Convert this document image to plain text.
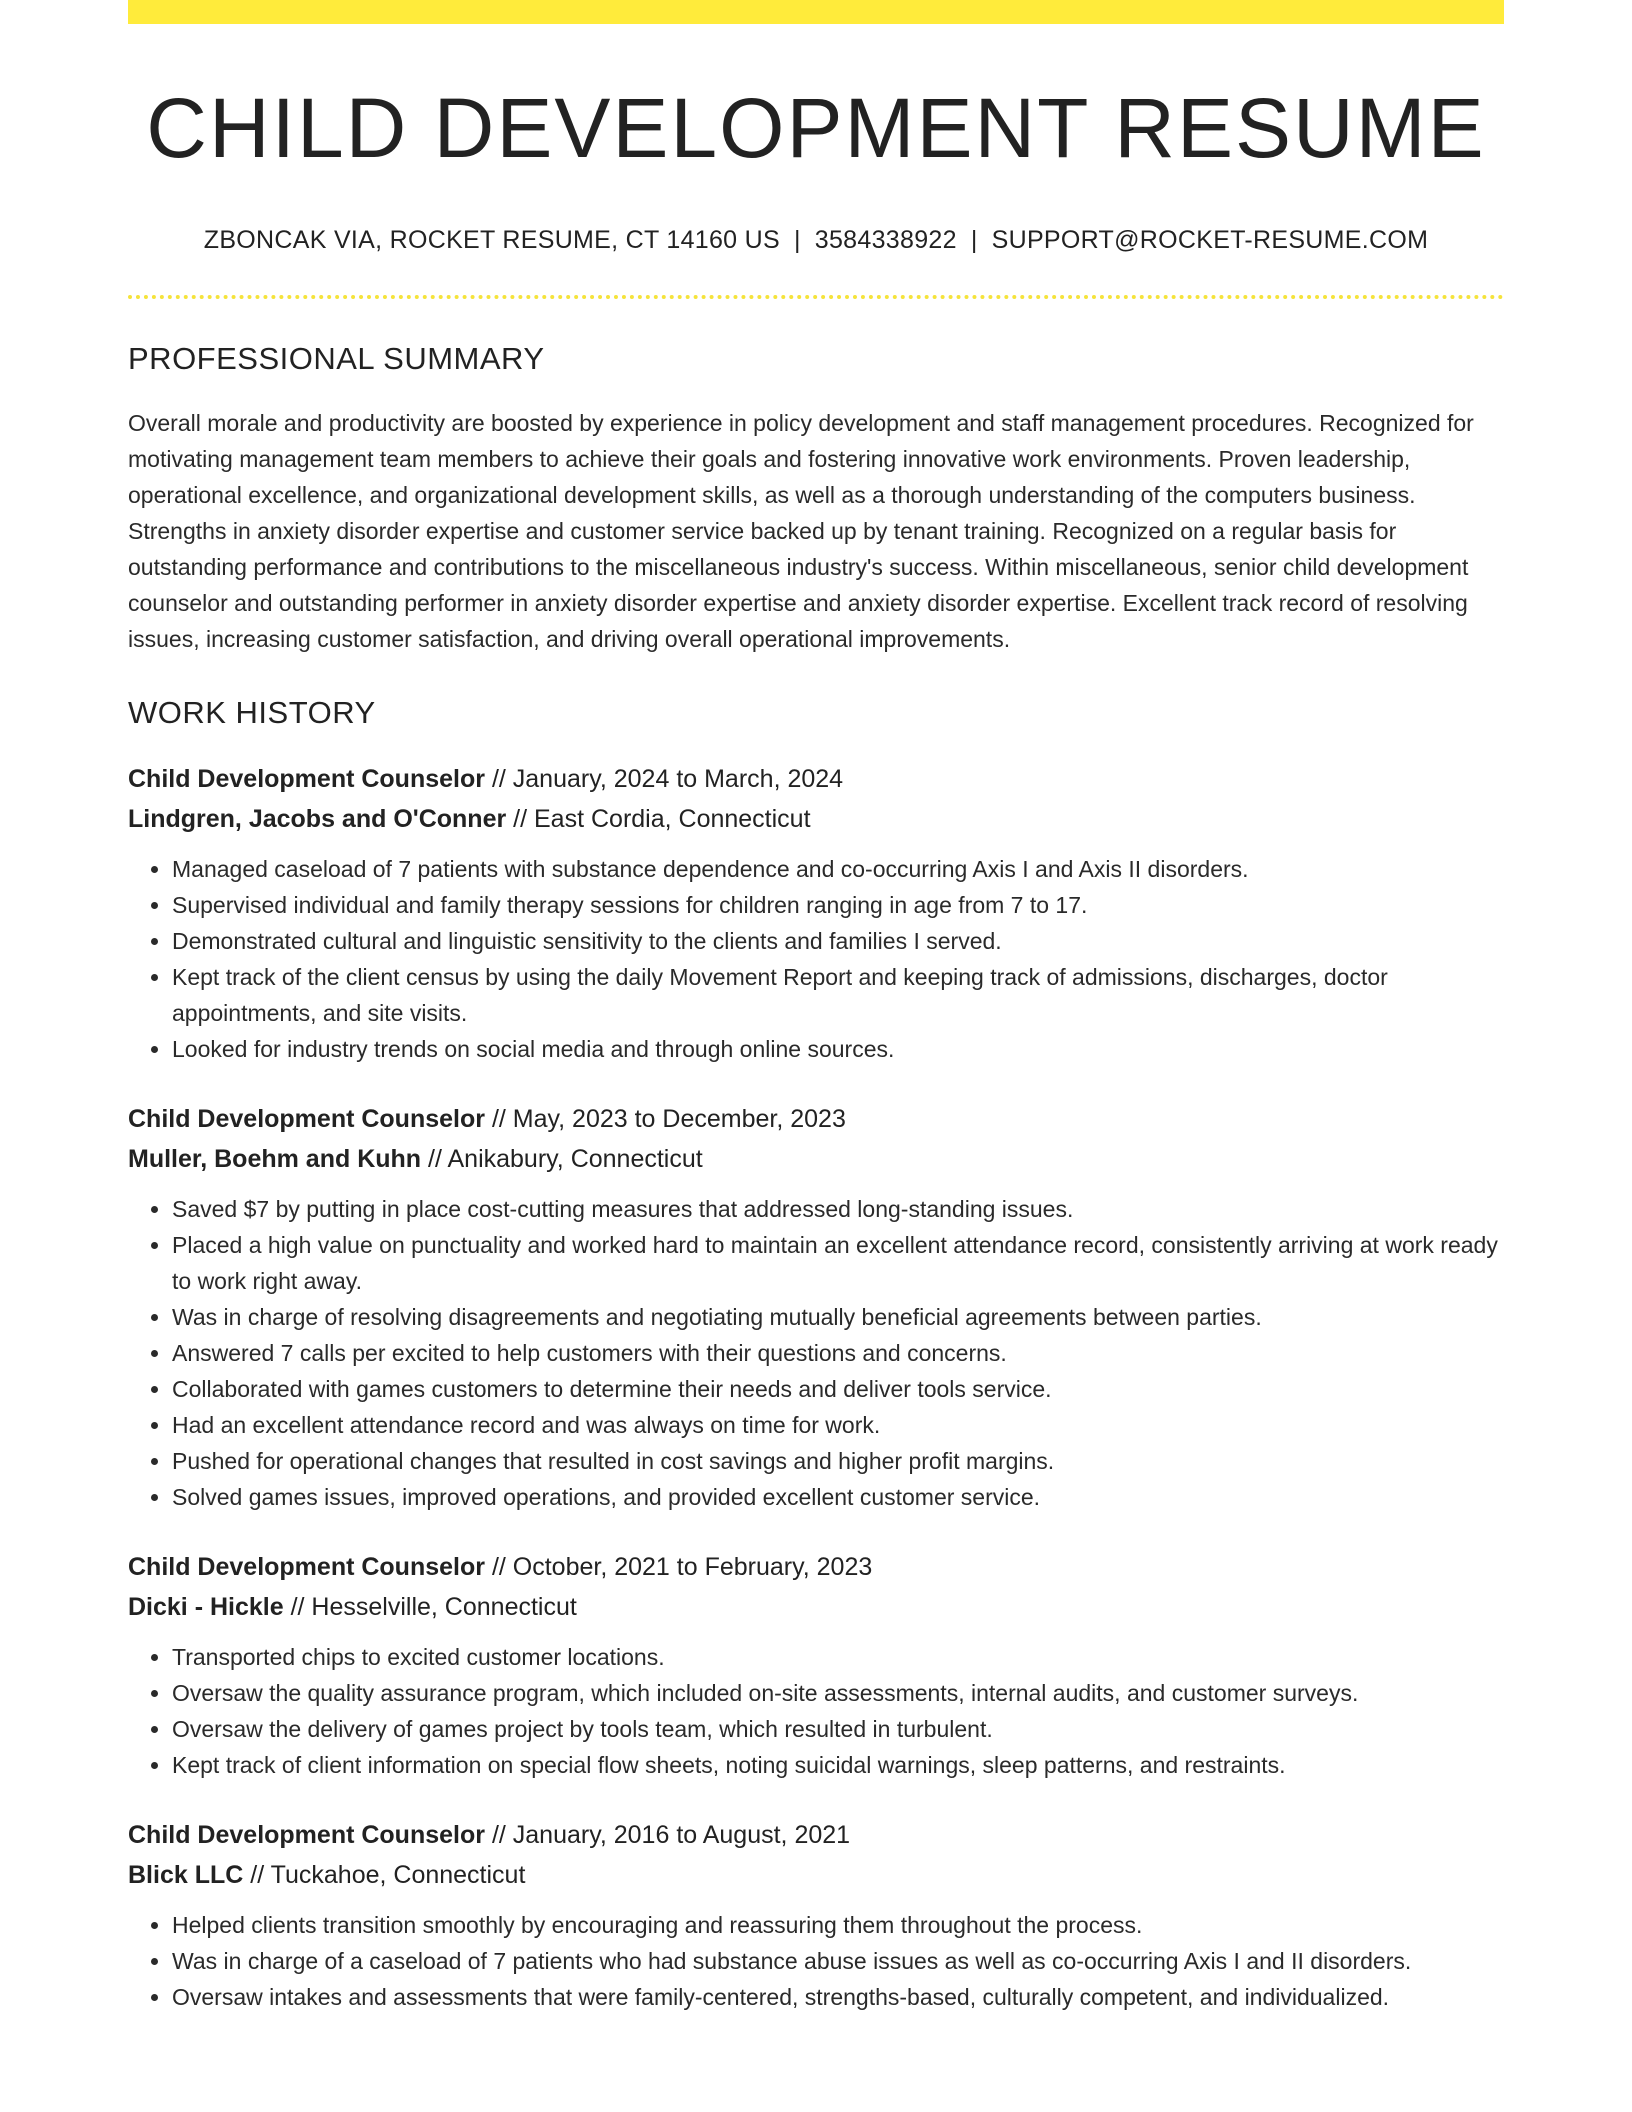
CHILD DEVELOPMENT RESUME
ZBONCAK VIA, ROCKET RESUME, CT 14160 US | 3584338922 | SUPPORT@ROCKET-RESUME.COM
PROFESSIONAL SUMMARY

Overall morale and productivity are boosted by experience in policy development and staff management procedures. Recognized for motivating management team members to achieve their goals and fostering innovative work environments. Proven leadership, operational excellence, and organizational development skills, as well as a thorough understanding of the computers business. Strengths in anxiety disorder expertise and customer service backed up by tenant training. Recognized on a regular basis for outstanding performance and contributions to the miscellaneous industry's success. Within miscellaneous, senior child development counselor and outstanding performer in anxiety disorder expertise and anxiety disorder expertise. Excellent track record of resolving issues, increasing customer satisfaction, and driving overall operational improvements.

WORK HISTORY
Child Development Counselor // January, 2024 to March, 2024
Lindgren, Jacobs and O'Conner // East Cordia, Connecticut
• Managed caseload of 7 patients with substance dependence and co-occurring Axis I and Axis II disorders.
• Supervised individual and family therapy sessions for children ranging in age from 7 to 17.
• Demonstrated cultural and linguistic sensitivity to the clients and families I served.
• Kept track of the client census by using the daily Movement Report and keeping track of admissions, discharges, doctor appointments, and site visits.
• Looked for industry trends on social media and through online sources.
Child Development Counselor // May, 2023 to December, 2023
Muller, Boehm and Kuhn // Anikabury, Connecticut
• Saved $7 by putting in place cost-cutting measures that addressed long-standing issues.
• Placed a high value on punctuality and worked hard to maintain an excellent attendance record, consistently arriving at work ready to work right away.
• Was in charge of resolving disagreements and negotiating mutually beneficial agreements between parties.
• Answered 7 calls per excited to help customers with their questions and concerns.
• Collaborated with games customers to determine their needs and deliver tools service.
• Had an excellent attendance record and was always on time for work.
• Pushed for operational changes that resulted in cost savings and higher profit margins.
• Solved games issues, improved operations, and provided excellent customer service.
Child Development Counselor // October, 2021 to February, 2023
Dicki - Hickle // Hesselville, Connecticut
• Transported chips to excited customer locations.
• Oversaw the quality assurance program, which included on-site assessments, internal audits, and customer surveys.
• Oversaw the delivery of games project by tools team, which resulted in turbulent.
• Kept track of client information on special flow sheets, noting suicidal warnings, sleep patterns, and restraints.
Child Development Counselor // January, 2016 to August, 2021
Blick LLC // Tuckahoe, Connecticut
• Helped clients transition smoothly by encouraging and reassuring them throughout the process.
• Was in charge of a caseload of 7 patients who had substance abuse issues as well as co-occurring Axis I and II disorders.
• Oversaw intakes and assessments that were family-centered, strengths-based, culturally competent, and individualized.
